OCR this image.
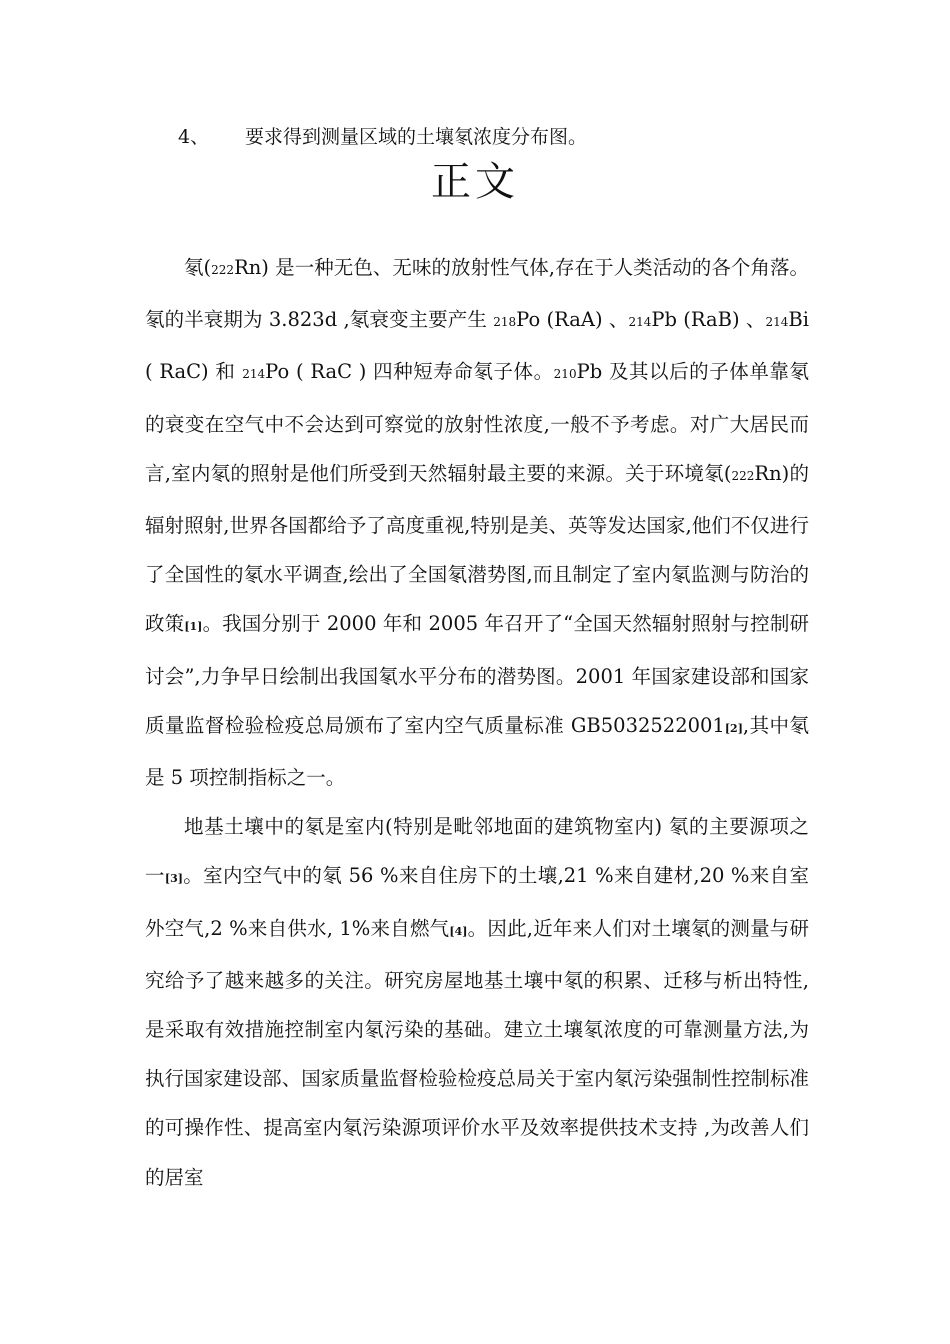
4、 要求得到测量区域的土壤氡浓度分布图。
正文

氡(222Rn) 是一种无色、无味的放射性气体,存在于人类活动的各个角落。氡的半衰期为 3.823d ,氡衰变主要产生 218Po (RaA) 、214Pb (RaB) 、214Bi ( RaC) 和 214Po ( RaC ) 四种短寿命氡子体。210Pb 及其以后的子体单靠氡的衰变在空气中不会达到可察觉的放射性浓度,一般不予考虑。对广大居民而言,室内氡的照射是他们所受到天然辐射最主要的来源。关于环境氡(222Rn)的辐射照射,世界各国都给予了高度重视,特别是美、英等发达国家,他们不仅进行了全国性的氡水平调查,绘出了全国氡潜势图,而且制定了室内氡监测与防治的政策[1]。我国分别于 2000 年和 2005 年召开了“全国天然辐射照射与控制研讨会”,力争早日绘制出我国氡水平分布的潜势图。2001 年国家建设部和国家质量监督检验检疫总局颁布了室内空气质量标准 GB5032522001[2],其中氡是 5 项控制指标之一。

地基土壤中的氡是室内(特别是毗邻地面的建筑物室内) 氡的主要源项之一[3]。室内空气中的氡 56 %来自住房下的土壤,21 %来自建材,20 %来自室外空气,2 %来自供水, 1%来自燃气[4]。因此,近年来人们对土壤氡的测量与研究给予了越来越多的关注。研究房屋地基土壤中氡的积累、迁移与析出特性,是采取有效措施控制室内氡污染的基础。建立土壤氡浓度的可靠测量方法,为执行国家建设部、国家质量监督检验检疫总局关于室内氡污染强制性控制标准的可操作性、提高室内氡污染源项评价水平及效率提供技术支持 ,为改善人们的居室
